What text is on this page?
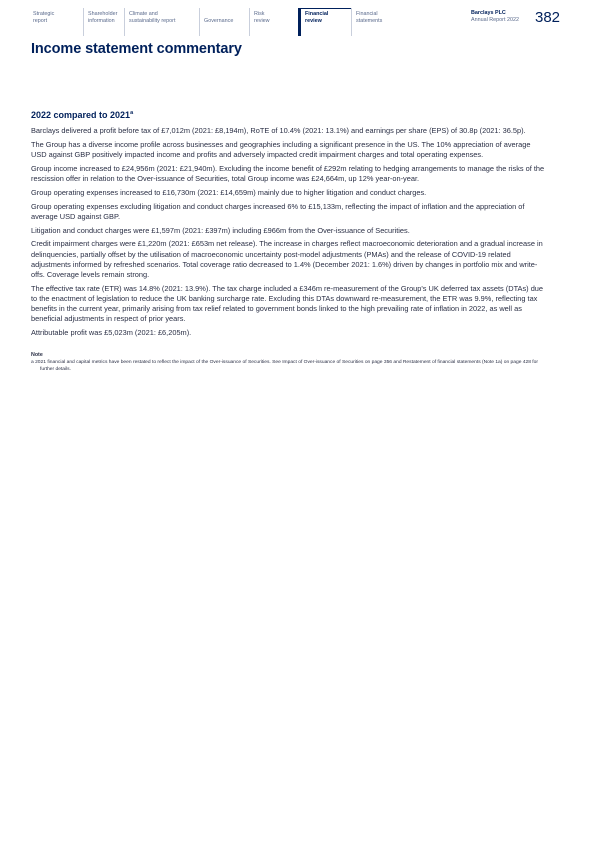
Strategic
report
Shareholder
information
Climate and
sustainability report
	Governance
Risk
review
Financial
review
Financial
statements
Barclays PLC
Annual Report 2022 382
Income statement commentary
2022 compared to 2021$^a$

Barclays delivered a profit before tax of £7,012m (2021: £8,194m), RoTE of 10.4% (2021: 13.1%) and earnings per share (EPS) of 30.8p (2021: 36.5p).

The Group has a diverse income profile across businesses and geographies including a significant presence in the US. The 10% appreciation of average USD against GBP positively impacted income and profits and adversely impacted credit impairment charges and total operating expenses.

Group income increased to £24,956m (2021: £21,940m). Excluding the income benefit of £292m relating to hedging arrangements to manage the risks of the rescission offer in relation to the Over-issuance of Securities, total Group income was £24,664m, up 12% year-on-year.

Group operating expenses increased to £16,730m (2021: £14,659m) mainly due to higher litigation and conduct charges.

Group operating expenses excluding litigation and conduct charges increased 6% to £15,133m, reflecting the impact of inflation and the appreciation of average USD against GBP.

Litigation and conduct charges were £1,597m (2021: £397m) including £966m from the Over-issuance of Securities.

Credit impairment charges were £1,220m (2021: £653m net release). The increase in charges reflect macroeconomic deterioration and a gradual increase in delinquencies, partially offset by the utilisation of macroeconomic uncertainty post-model adjustments (PMAs) and the release of COVID-19 related adjustments informed by refreshed scenarios. Total coverage ratio decreased to 1.4% (December 2021: 1.6%) driven by changes in portfolio mix and write-offs. Coverage levels remain strong.

The effective tax rate (ETR) was 14.8% (2021: 13.9%). The tax charge included a £346m re-measurement of the Group's UK deferred tax assets (DTAs) due to the enactment of legislation to reduce the UK banking surcharge rate. Excluding this DTAs downward re-measurement, the ETR was 9.9%, reflecting tax benefits in the current year, primarily arising from tax relief related to government bonds linked to the high prevailing rate of inflation in 2022, as well as beneficial adjustments in respect of prior years.

Attributable profit was £5,023m (2021: £6,205m).

Note
a 2021 financial and capital metrics have been restated to reflect the impact of the Over-issuance of Securities. See Impact of Over-issuance of Securities on page 356 and Restatement of financial statements (Note 1a) on page 428 for further details.
